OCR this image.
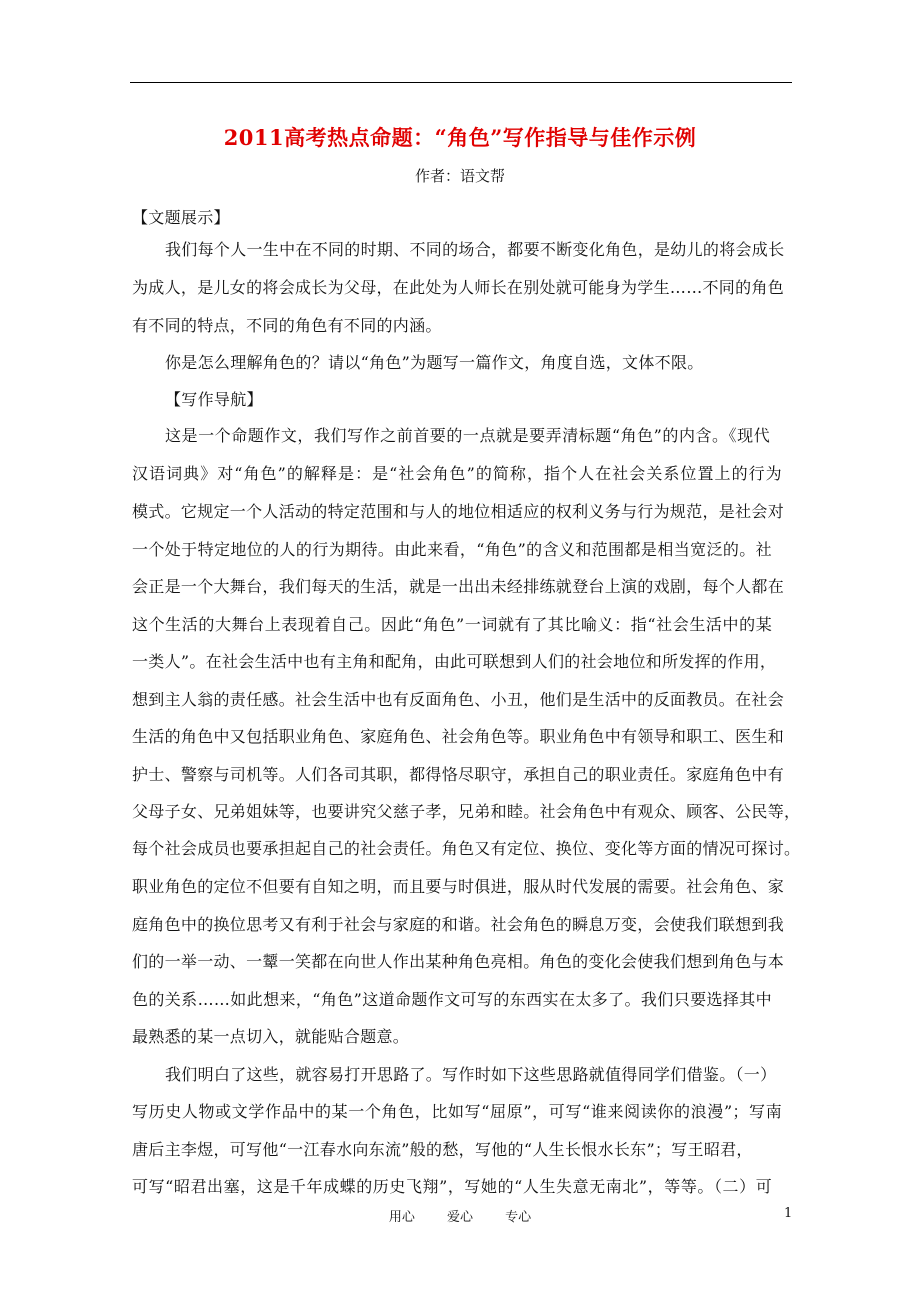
2011高考热点命题：“角色”写作指导与佳作示例
作者：语文帮
【文题展示】
我们每个人一生中在不同的时期、不同的场合，都要不断变化角色，是幼儿的将会成长
为成人，是儿女的将会成长为父母，在此处为人师长在别处就可能身为学生……不同的角色
有不同的特点，不同的角色有不同的内涵。
你是怎么理解角色的？请以“角色”为题写一篇作文，角度自选，文体不限。
【写作导航】
这是一个命题作文，我们写作之前首要的一点就是要弄清标题“角色”的内含。《现代
汉语词典》对“角色”的解释是：是“社会角色”的简称，指个人在社会关系位置上的行为
模式。它规定一个人活动的特定范围和与人的地位相适应的权利义务与行为规范，是社会对
一个处于特定地位的人的行为期待。由此来看，“角色”的含义和范围都是相当宽泛的。社
会正是一个大舞台，我们每天的生活，就是一出出未经排练就登台上演的戏剧，每个人都在
这个生活的大舞台上表现着自己。因此“角色”一词就有了其比喻义：指“社会生活中的某
一类人”。在社会生活中也有主角和配角，由此可联想到人们的社会地位和所发挥的作用，
想到主人翁的责任感。社会生活中也有反面角色、小丑，他们是生活中的反面教员。在社会
生活的角色中又包括职业角色、家庭角色、社会角色等。职业角色中有领导和职工、医生和
护士、警察与司机等。人们各司其职，都得恪尽职守，承担自己的职业责任。家庭角色中有
父母子女、兄弟姐妹等，也要讲究父慈子孝，兄弟和睦。社会角色中有观众、顾客、公民等，
每个社会成员也要承担起自己的社会责任。角色又有定位、换位、变化等方面的情况可探讨。
职业角色的定位不但要有自知之明，而且要与时俱进，服从时代发展的需要。社会角色、家
庭角色中的换位思考又有利于社会与家庭的和谐。社会角色的瞬息万变，会使我们联想到我
们的一举一动、一颦一笑都在向世人作出某种角色亮相。角色的变化会使我们想到角色与本
色的关系……如此想来，“角色”这道命题作文可写的东西实在太多了。我们只要选择其中
最熟悉的某一点切入，就能贴合题意。
我们明白了这些，就容易打开思路了。写作时如下这些思路就值得同学们借鉴。（一）
写历史人物或文学作品中的某一个角色，比如写“屈原”，可写“谁来阅读你的浪漫”；写南
唐后主李煜，可写他“一江春水向东流”般的愁，写他的“人生长恨水长东”；写王昭君，
可写“昭君出塞，这是千年成蝶的历史飞翔”，写她的“人生失意无南北”，等等。（二）可
用心 爱心 专心	1
